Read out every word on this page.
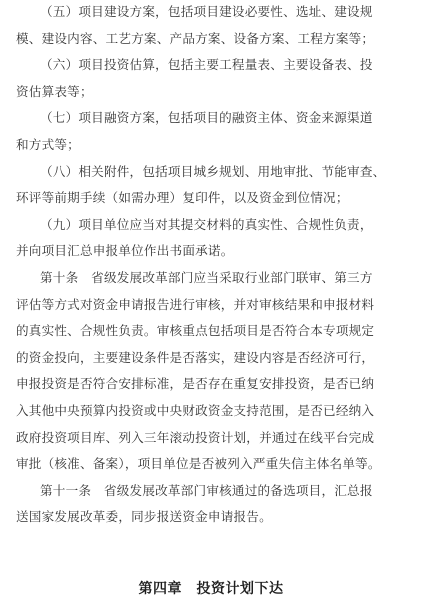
（五）项目建设方案，包括项目建设必要性、选址、建设规
模、建设内容、工艺方案、产品方案、设备方案、工程方案等；
（六）项目投资估算，包括主要工程量表、主要设备表、投
资估算表等；
（七）项目融资方案，包括项目的融资主体、资金来源渠道
和方式等；
（八）相关附件，包括项目城乡规划、用地审批、节能审查、
环评等前期手续（如需办理）复印件，以及资金到位情况；
（九）项目单位应当对其提交材料的真实性、合规性负责，
并向项目汇总申报单位作出书面承诺。
第十条　省级发展改革部门应当采取行业部门联审、第三方
评估等方式对资金申请报告进行审核，并对审核结果和申报材料
的真实性、合规性负责。审核重点包括项目是否符合本专项规定
的资金投向，主要建设条件是否落实，建设内容是否经济可行，
申报投资是否符合安排标准，是否存在重复安排投资，是否已纳
入其他中央预算内投资或中央财政资金支持范围，是否已经纳入
政府投资项目库、列入三年滚动投资计划，并通过在线平台完成
审批（核准、备案），项目单位是否被列入严重失信主体名单等。
第十一条　省级发展改革部门审核通过的备选项目，汇总报
送国家发展改革委，同步报送资金申请报告。
第四章　投资计划下达
